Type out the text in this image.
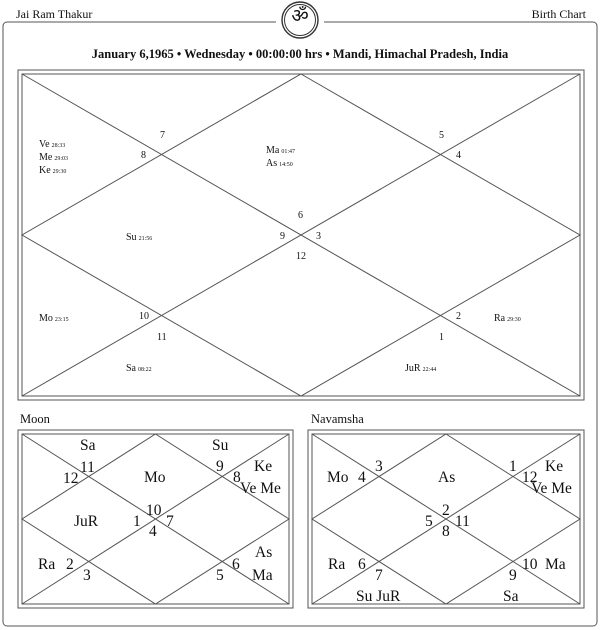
Jai Ram Thakur	Birth Chart
ॐ
January 6,1965 • Wednesday • 00:00:00 hrs • Mandi, Himachal Pradesh, India
7
8
5
4
6
9	3
12
10
11
2
1
Ve 28:33
Me 29:03
Ke 29:30
Ma 01:47
As 14:50
Su 21:56
Mo 23:15	Ra 29:30
Sa 08:22	JuR 22:44
Moon
Sa	Su
12
11
Mo
9
8
Ke
Ve Me
10
JuR 1 7
4
As
Ra 2
3
6
5 Ma
Navamsha
Mo 4
3
As
1
12
Ke
Ve Me
2
5 11
8
Ra 6
7
10 Ma
9
Su JuR	Sa
